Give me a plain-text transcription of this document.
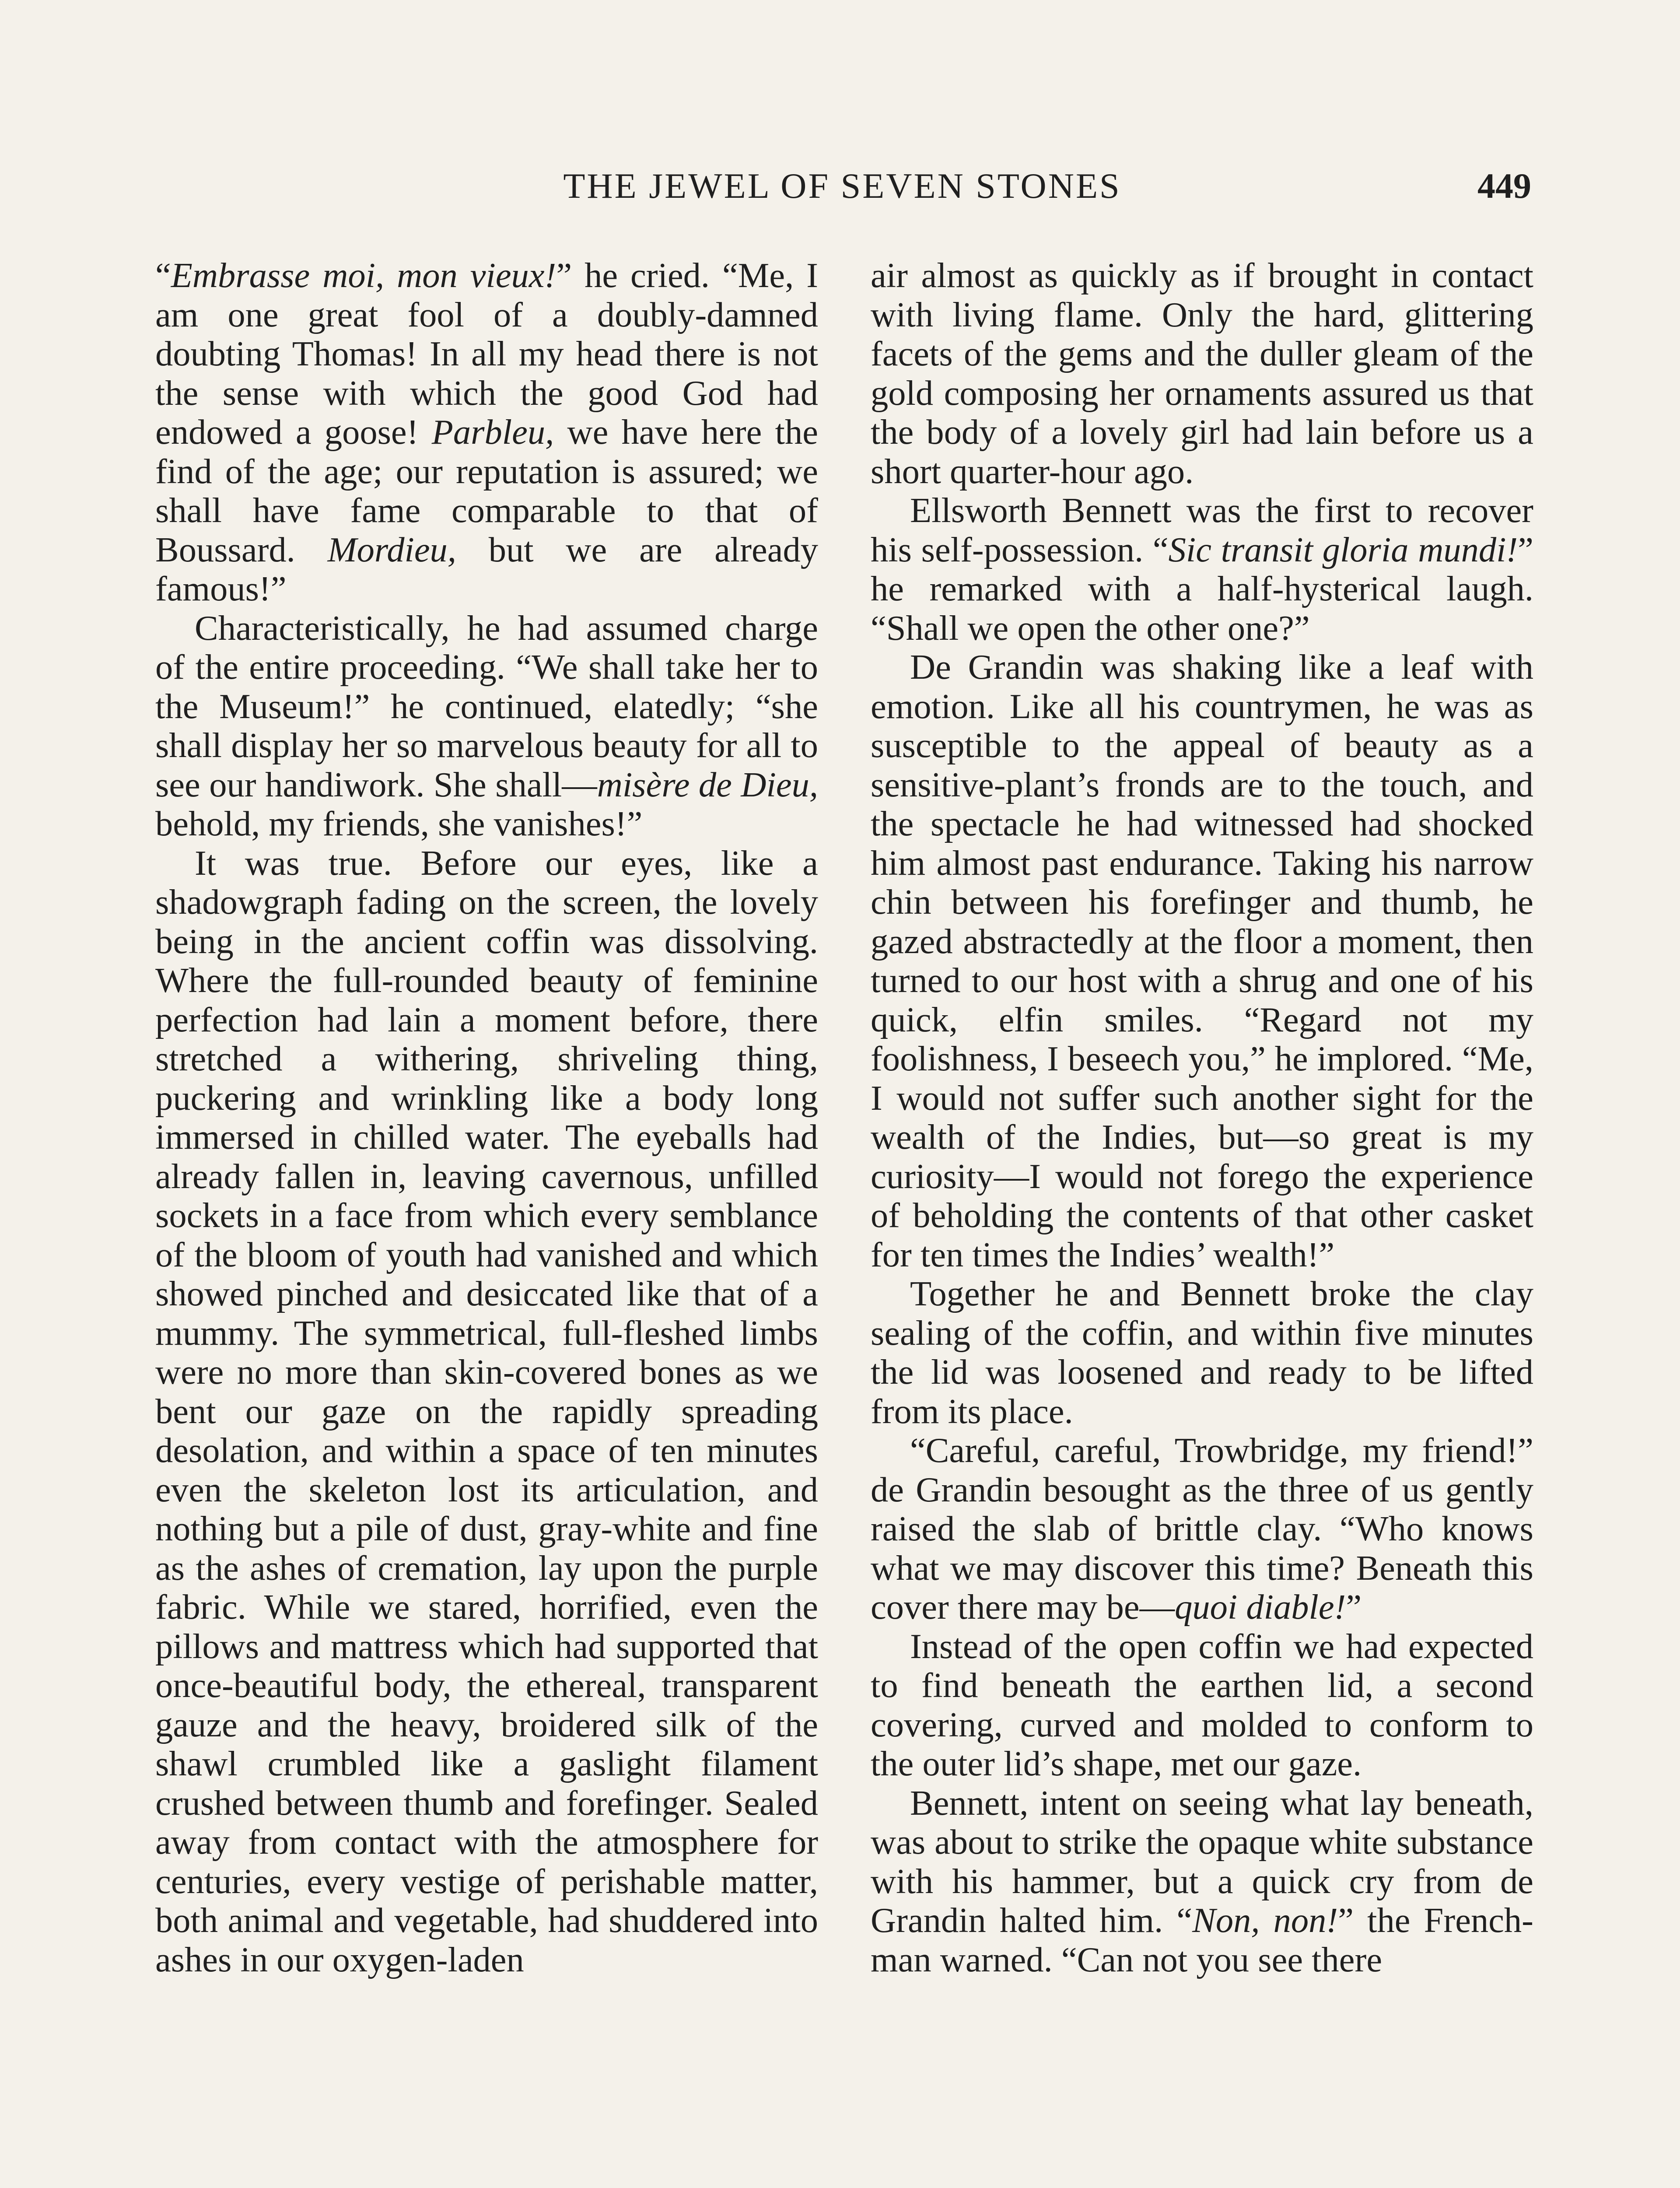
THE JEWEL OF SEVEN STONES	449

“Embrasse moi, mon vieux!” he cried. “Me, I am one great fool of a doubly-damned doubting Thomas! In all my head there is not the sense with which the good God had endowed a goose! Parbleu, we have here the find of the age; our reputation is assured; we shall have fame comparable to that of Boussard. Mordieu, but we are already famous!”

Characteristically, he had assumed charge of the entire proceeding. “We shall take her to the Museum!” he continued, elatedly; “she shall display her so marvelous beauty for all to see our handiwork. She shall—misère de Dieu, behold, my friends, she vanishes!”

It was true. Before our eyes, like a shadowgraph fading on the screen, the lovely being in the ancient coffin was dissolving. Where the full-rounded beauty of feminine perfection had lain a moment before, there stretched a withering, shriveling thing, puckering and wrinkling like a body long immersed in chilled water. The eyeballs had already fallen in, leaving cavernous, unfilled sockets in a face from which every semblance of the bloom of youth had vanished and which showed pinched and desiccated like that of a mummy. The symmetrical, full-fleshed limbs were no more than skin-covered bones as we bent our gaze on the rapidly spreading desolation, and within a space of ten minutes even the skeleton lost its articulation, and nothing but a pile of dust, gray-white and fine as the ashes of cremation, lay upon the purple fabric. While we stared, horrified, even the pillows and mattress which had supported that once-beautiful body, the ethereal, transparent gauze and the heavy, broidered silk of the shawl crumbled like a gaslight filament crushed between thumb and forefinger. Sealed away from contact with the atmosphere for centuries, every vestige of perishable matter, both animal and vegetable, had shuddered into ashes in our oxygen-laden

air almost as quickly as if brought in contact with living flame. Only the hard, glittering facets of the gems and the duller gleam of the gold composing her ornaments assured us that the body of a lovely girl had lain before us a short quarter-hour ago.

Ellsworth Bennett was the first to recover his self-possession. “Sic transit gloria mundi!” he remarked with a half-hysterical laugh. “Shall we open the other one?”

De Grandin was shaking like a leaf with emotion. Like all his countrymen, he was as susceptible to the appeal of beauty as a sensitive-plant’s fronds are to the touch, and the spectacle he had witnessed had shocked him almost past endurance. Taking his narrow chin between his forefinger and thumb, he gazed abstractedly at the floor a moment, then turned to our host with a shrug and one of his quick, elfin smiles. “Regard not my foolishness, I beseech you,” he implored. “Me, I would not suffer such another sight for the wealth of the Indies, but—so great is my curiosity—I would not forego the experience of beholding the contents of that other casket for ten times the Indies’ wealth!”

Together he and Bennett broke the clay sealing of the coffin, and within five minutes the lid was loosened and ready to be lifted from its place.

“Careful, careful, Trowbridge, my friend!” de Grandin besought as the three of us gently raised the slab of brittle clay. “Who knows what we may discover this time? Beneath this cover there may be—quoi diable!”

Instead of the open coffin we had expected to find beneath the earthen lid, a second covering, curved and molded to conform to the outer lid’s shape, met our gaze.

Bennett, intent on seeing what lay beneath, was about to strike the opaque white substance with his hammer, but a quick cry from de Grandin halted him. “Non, non!” the Frenchman warned. “Can not you see there
